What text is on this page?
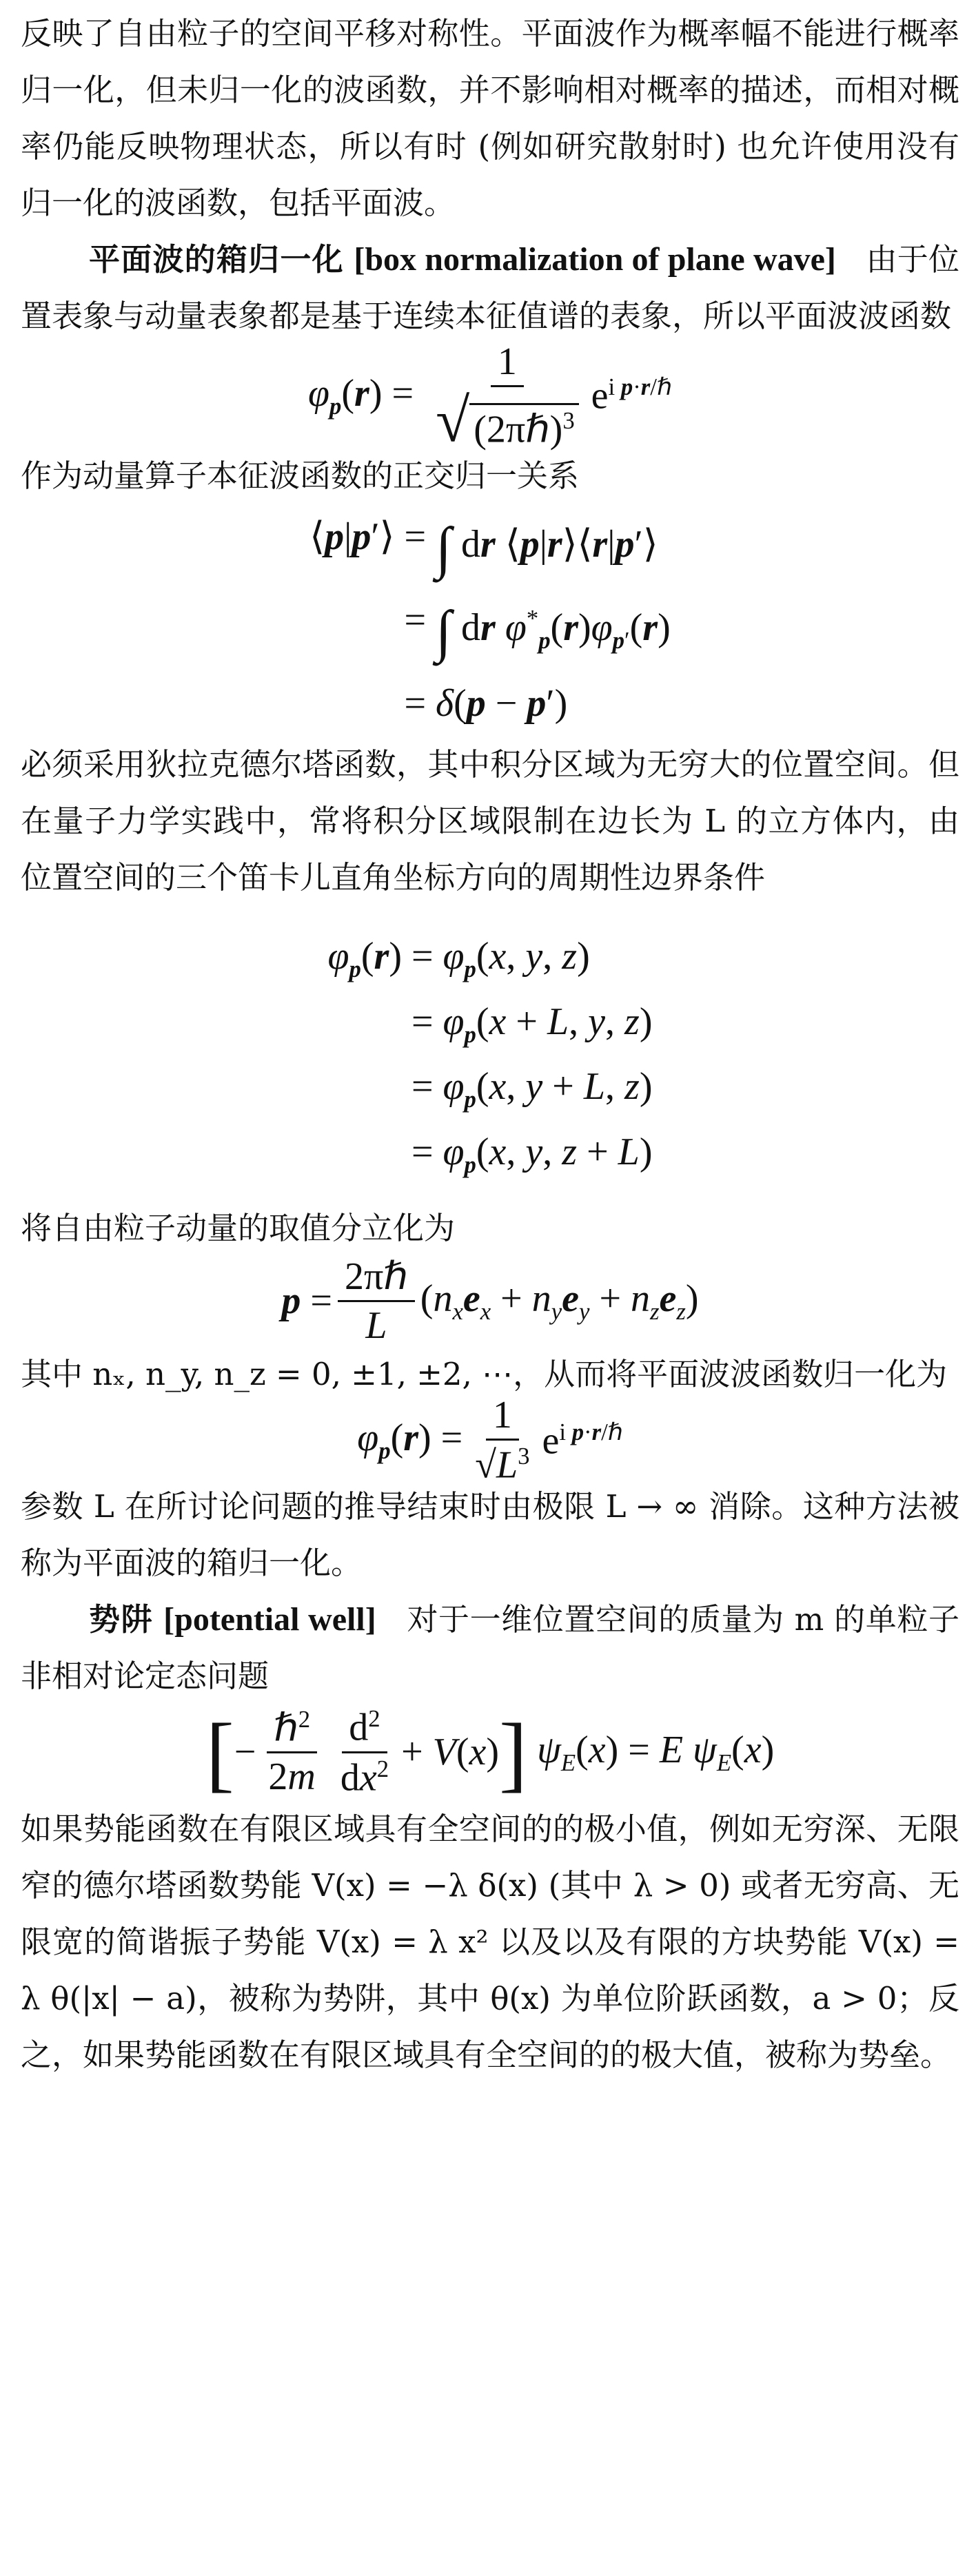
反映了自由粒子的空间平移对称性。平面波作为概率幅不能进行概率归一化，但未归一化的波函数，并不影响相对概率的描述，而相对概率仍能反映物理状态，所以有时 (例如研究散射时) 也允许使用没有归一化的波函数，包括平面波。

平面波的箱归一化 [box normalization of plane wave] 由于位置表象与动量表象都是基于连续本征值谱的表象，所以平面波波函数

$\varphi_p(r) = \frac{1}{√ (2\pi\hbar)^3} e^{i p\cdot r/\hbar}$

作为动量算子本征波函数的正交归一关系

⟨p|p′⟩ = ∫ dr ⟨p|r⟩⟨r|p′⟩
= ∫ dr $\varphi^*_p(r)\varphi_{p'}(r)$
= δ(p − p′)

必须采用狄拉克德尔塔函数，其中积分区域为无穷大的位置空间。但在量子力学实践中，常将积分区域限制在边长为 L 的立方体内，由位置空间的三个笛卡儿直角坐标方向的周期性边界条件

$\varphi_p(r) = \varphi_p(x$, y, z)
= $\varphi_p(x + L$, y, z)
= $\varphi_p(x$, y + L, z)
= $\varphi_p(x$, y, z + L)

将自由粒子动量的取值分立化为

$p = \frac{\text{2πℏ}}{L} (n_xe_x + n_ye_y + n_ze_z)$

其中 nₓ, n_y, n_z = 0, ±1, ±2, ⋯，从而将平面波波函数归一化为

$\varphi_p(r) = \frac{1}{√L^3} e^{i p\cdot r/\hbar}$

参数 L 在所讨论问题的推导结束时由极限 L → ∞ 消除。这种方法被称为平面波的箱归一化。

势阱 [potential well] 对于一维位置空间的质量为 m 的单粒子非相对论定态问题

[ − $\frac{\hbar^2}{2m} \frac{d^2}{dx^2} + V(x)$ ] $\psi_E(x) = E$ $\psi_E(x)$

如果势能函数在有限区域具有全空间的的极小值，例如无穷深、无限窄的德尔塔函数势能 V(x) = −λ δ(x) (其中 λ > 0) 或者无穷高、无限宽的简谐振子势能 V(x) = λ x² 以及以及有限的方块势能 V(x) = λ θ(|x| − a)，被称为势阱，其中 θ(x) 为单位阶跃函数，a > 0；反之，如果势能函数在有限区域具有全空间的的极大值，被称为势垒。
